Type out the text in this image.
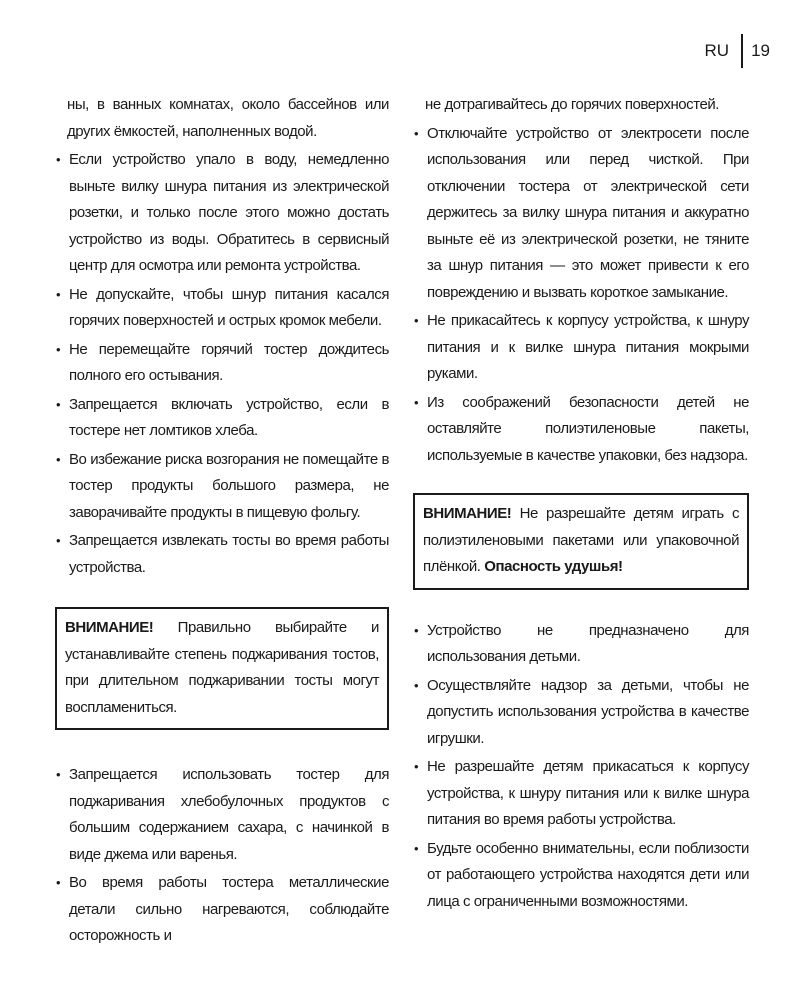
RU	19

ны, в ванных комнатах, около бассейнов или других ёмкостей, наполненных водой.

• Если устройство упало в воду, немедленно выньте вилку шнура питания из электрической розетки, и только после этого можно достать устройство из воды. Обратитесь в сервисный центр для осмотра или ремонта устройства.
• Не допускайте, чтобы шнур питания касался горячих поверхностей и острых кромок мебели.
• Не перемещайте горячий тостер дождитесь полного его остывания.
• Запрещается включать устройство, если в тостере нет ломтиков хлеба.
• Во избежание риска возгорания не помещайте в тостер продукты большого размера, не заворачивайте продукты в пищевую фольгу.
• Запрещается извлекать тосты во время работы устройства.
ВНИМАНИЕ! Правильно выбирайте и устанавливайте степень поджаривания тостов, при длительном поджаривании тосты могут воспламениться.
• Запрещается использовать тостер для поджаривания хлебобулочных продуктов с большим содержанием сахара, с начинкой в виде джема или варенья.
• Во время работы тостера металлические детали сильно нагреваются, соблюдайте осторожность и

не дотрагивайтесь до горячих поверхностей.

• Отключайте устройство от электросети после использования или перед чисткой. При отключении тостера от электрической сети держитесь за вилку шнура питания и аккуратно выньте её из электрической розетки, не тяните за шнур питания — это может привести к его повреждению и вызвать короткое замыкание.
• Не прикасайтесь к корпусу устройства, к шнуру питания и к вилке шнура питания мокрыми руками.
• Из соображений безопасности детей не оставляйте полиэтиленовые пакеты, используемые в качестве упаковки, без надзора.
ВНИМАНИЕ! Не разрешайте детям играть с полиэтиленовыми пакетами или упаковочной плёнкой. Опасность удушья!
• Устройство не предназначено для использования детьми.
• Осуществляйте надзор за детьми, чтобы не допустить использования устройства в качестве игрушки.
• Не разрешайте детям прикасаться к корпусу устройства, к шнуру питания или к вилке шнура питания во время работы устройства.
• Будьте особенно внимательны, если поблизости от работающего устройства находятся дети или лица с ограниченными возможностями.
